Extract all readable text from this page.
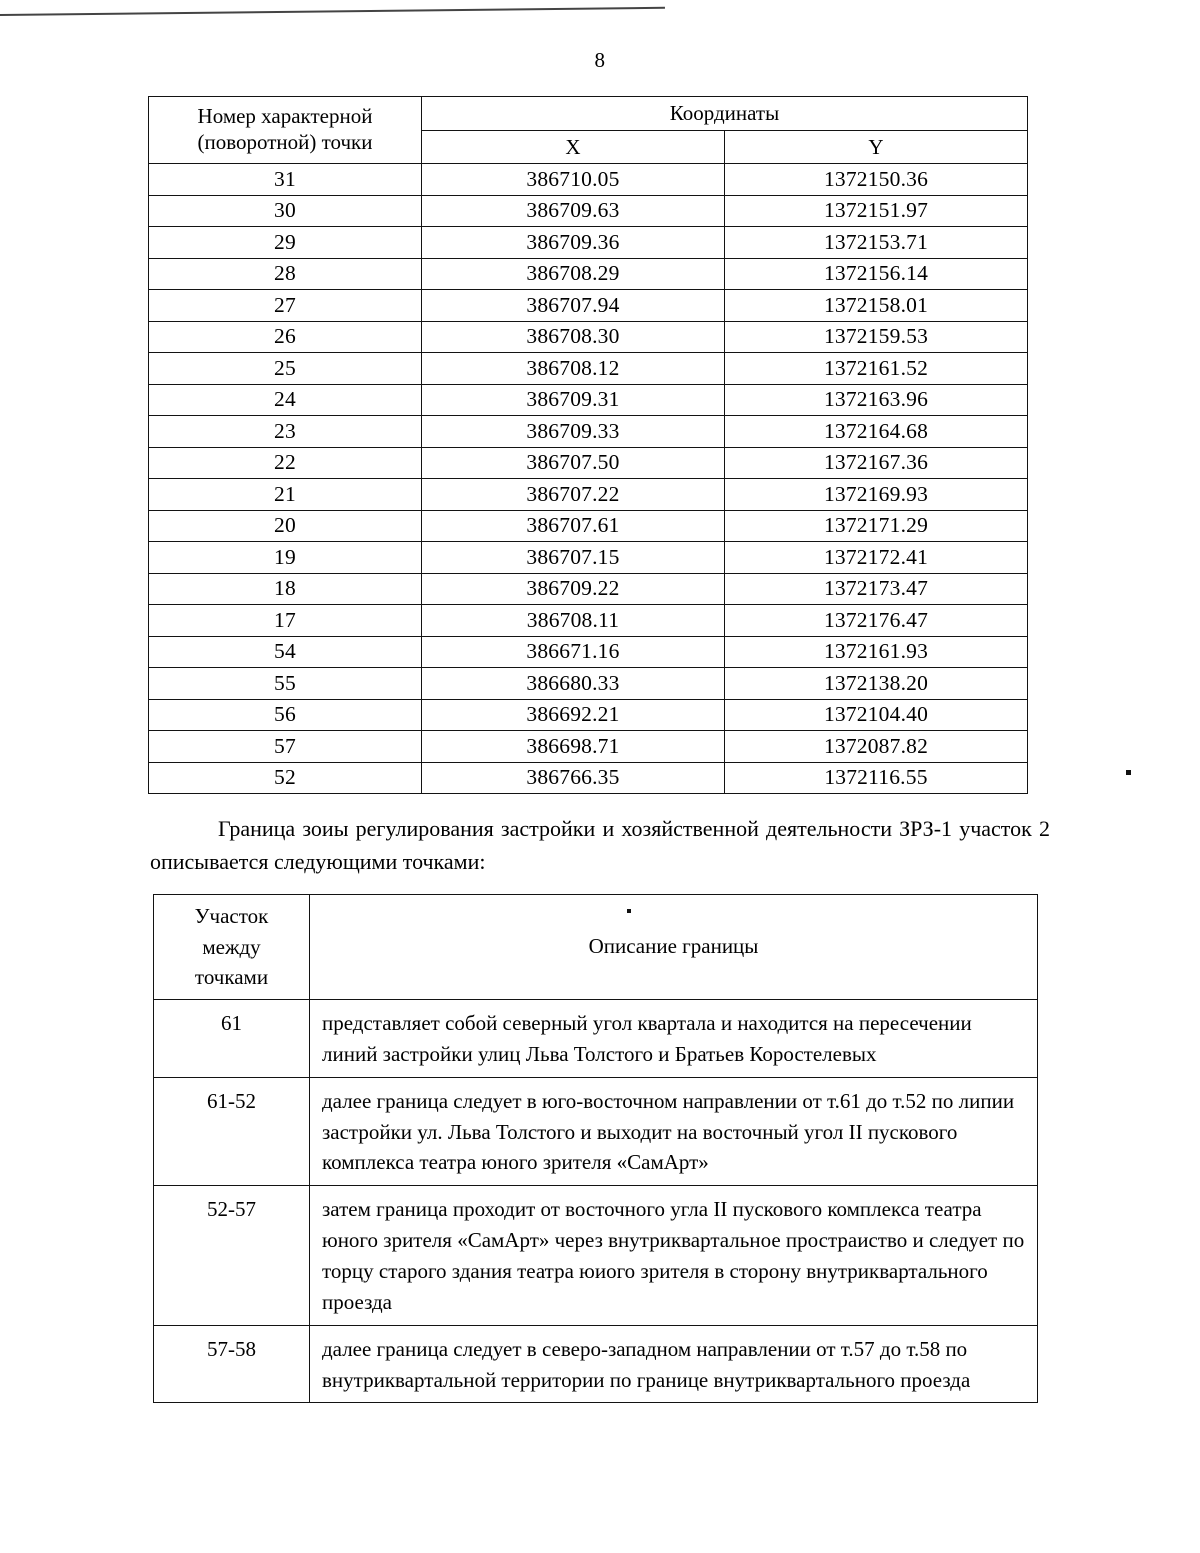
8
Номер характерной
(поворотной) точки	Координаты	
	X	Y
31	386710.05	1372150.36
30	386709.63	1372151.97
29	386709.36	1372153.71
28	386708.29	1372156.14
27	386707.94	1372158.01
26	386708.30	1372159.53
25	386708.12	1372161.52
24	386709.31	1372163.96
23	386709.33	1372164.68
22	386707.50	1372167.36
21	386707.22	1372169.93
20	386707.61	1372171.29
19	386707.15	1372172.41
18	386709.22	1372173.47
17	386708.11	1372176.47
54	386671.16	1372161.93
55	386680.33	1372138.20
56	386692.21	1372104.40
57	386698.71	1372087.82
52	386766.35	1372116.55
Граница зоиы регулирования застройки и хозяйственной деятельности ЗРЗ-1 участок 2 описывается следующими точками:
Участок
между
точками	Описание границы
61	представляет собой северный угол квартала и находится на пересечении линий застройки улиц Льва Толстого и Братьев Коростелевых

61-52	далее граница следует в юго-восточном направлении от т.61 до т.52 по липии застройки ул. Льва Толстого и выходит на восточный угол II пускового комплекса театра юного зрителя «СамАрт»

52-57	затем граница проходит от восточного угла II пускового комплекса театра юного зрителя «СамАрт» через внутриквартальное простраиство и следует по торцу старого здания театра юиого зрителя в сторону внутриквартального проезда

57-58	далее граница следует в северо-западном направлении от т.57 до т.58 по внутриквартальной территории по границе внутриквартального проезда
